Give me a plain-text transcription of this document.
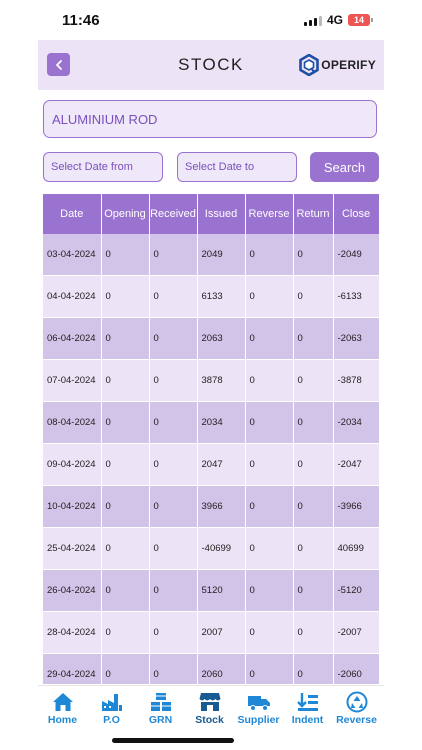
11:46	4G	14
STOCK	OPERIFY
ALUMINIUM ROD
Select Date from
Select Date to
Search
Date	Opening	Received	Issued	Reverse	Return	Close
03-04-2024	0	0	2049	0	0	-2049
04-04-2024	0	0	6133	0	0	-6133
06-04-2024	0	0	2063	0	0	-2063
07-04-2024	0	0	3878	0	0	-3878
08-04-2024	0	0	2034	0	0	-2034
09-04-2024	0	0	2047	0	0	-2047
10-04-2024	0	0	3966	0	0	-3966
25-04-2024	0	0	-40699	0	0	40699
26-04-2024	0	0	5120	0	0	-5120
28-04-2024	0	0	2007	0	0	-2007
29-04-2024	0	0	2060	0	0	-2060
Home	P.O	GRN	Stock	Supplier	Indent	Reverse
